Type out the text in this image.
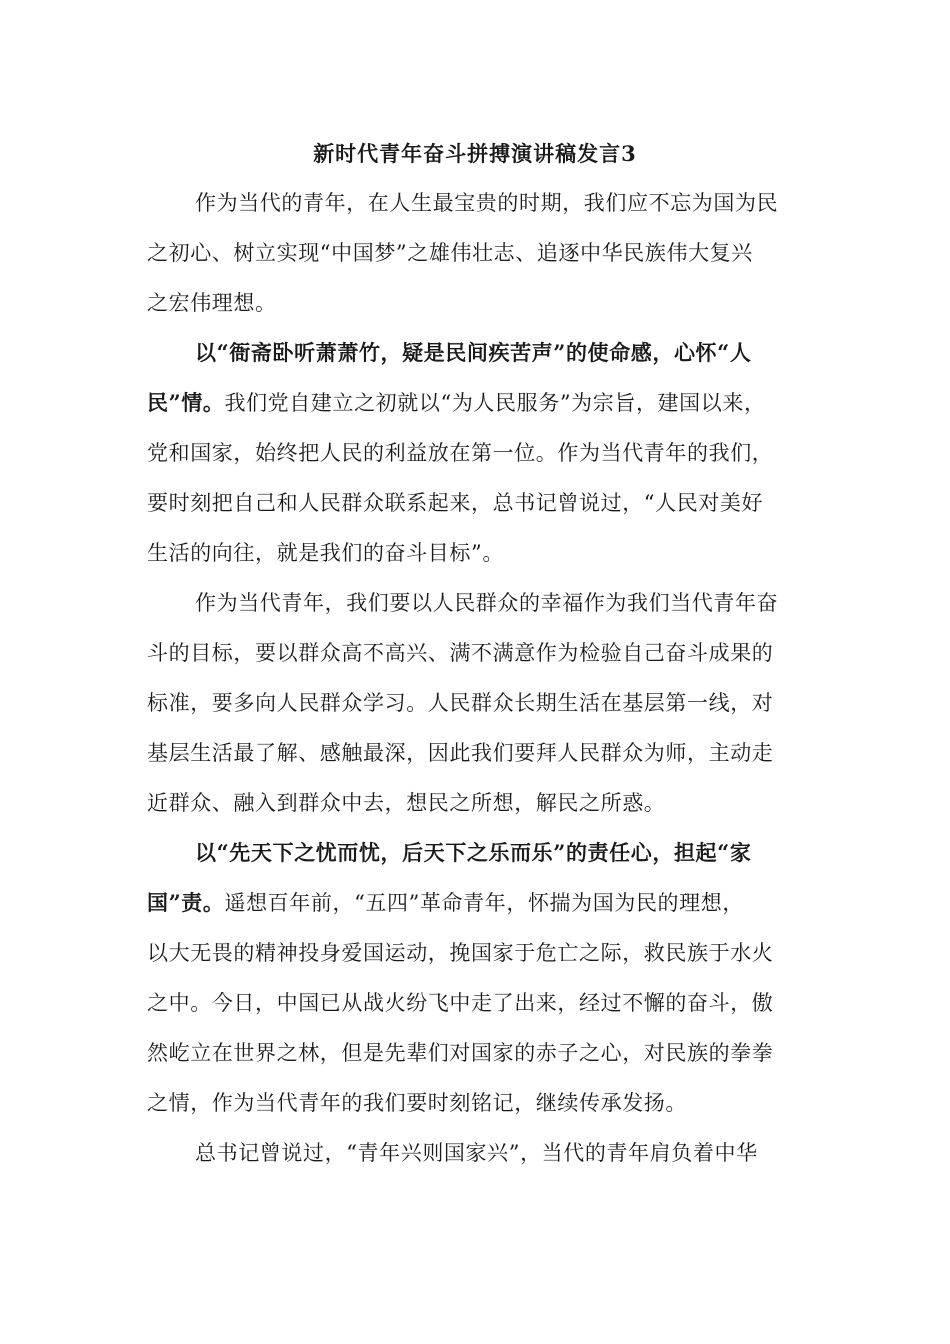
新时代青年奋斗拼搏演讲稿发言3
作为当代的青年，在人生最宝贵的时期，我们应不忘为国为民
之初心、树立实现“中国梦”之雄伟壮志、追逐中华民族伟大复兴
之宏伟理想。
以“衙斋卧听萧萧竹，疑是民间疾苦声”的使命感，心怀“人
民”情。我们党自建立之初就以“为人民服务”为宗旨，建国以来，
党和国家，始终把人民的利益放在第一位。作为当代青年的我们，
要时刻把自己和人民群众联系起来，总书记曾说过，“人民对美好
生活的向往，就是我们的奋斗目标”。
作为当代青年，我们要以人民群众的幸福作为我们当代青年奋
斗的目标，要以群众高不高兴、满不满意作为检验自己奋斗成果的
标准，要多向人民群众学习。人民群众长期生活在基层第一线，对
基层生活最了解、感触最深，因此我们要拜人民群众为师，主动走
近群众、融入到群众中去，想民之所想，解民之所惑。
以“先天下之忧而忧，后天下之乐而乐”的责任心，担起“家
国”责。遥想百年前，“五四”革命青年，怀揣为国为民的理想，
以大无畏的精神投身爱国运动，挽国家于危亡之际，救民族于水火
之中。今日，中国已从战火纷飞中走了出来，经过不懈的奋斗，傲
然屹立在世界之林，但是先辈们对国家的赤子之心，对民族的拳拳
之情，作为当代青年的我们要时刻铭记，继续传承发扬。
总书记曾说过，“青年兴则国家兴”，当代的青年肩负着中华
